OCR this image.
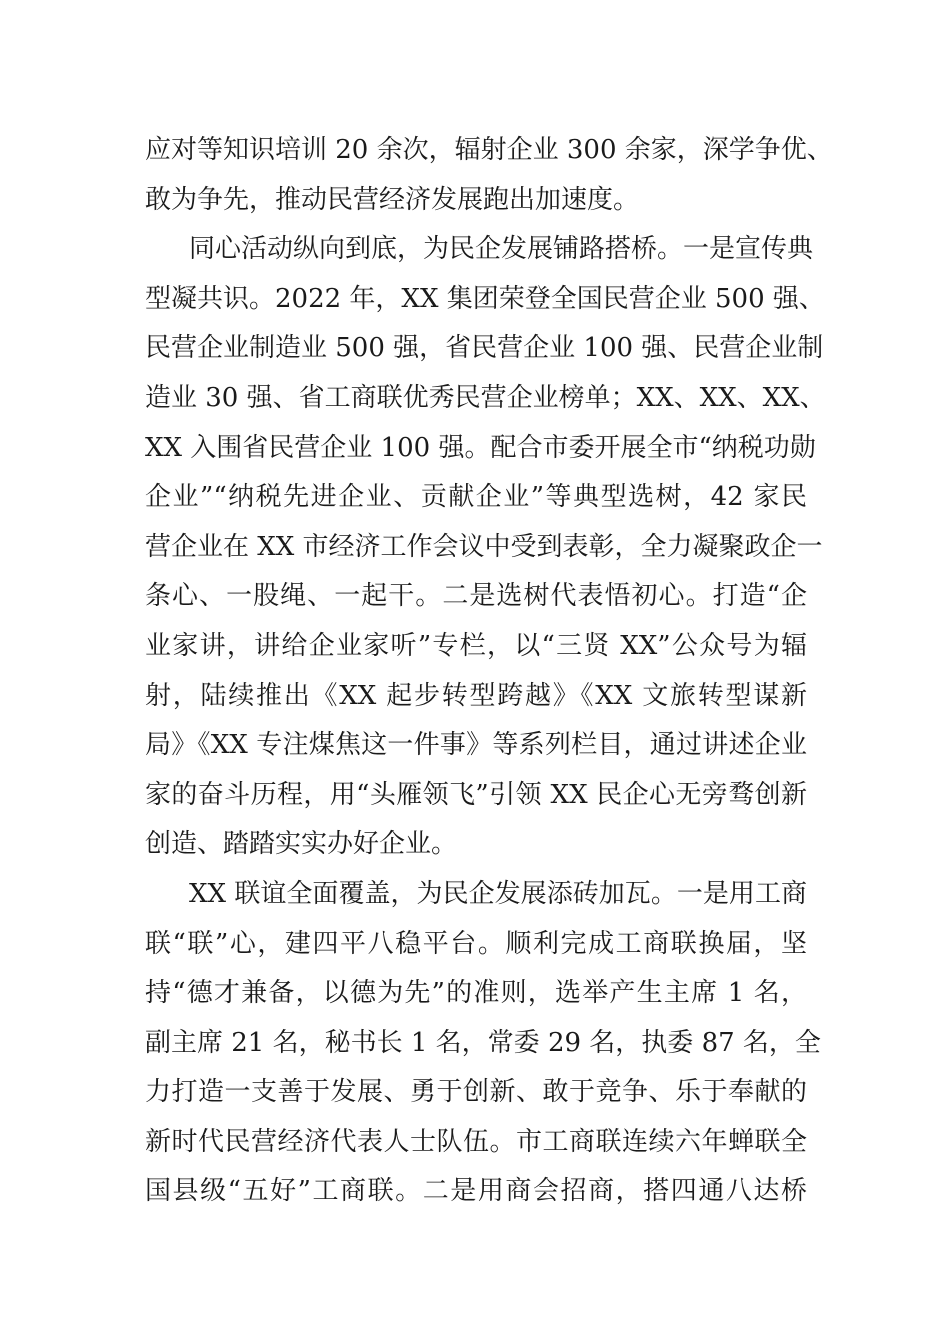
应对等知识培训 20 余次，辐射企业 300 余家，深学争优、
敢为争先，推动民营经济发展跑出加速度。
同心活动纵向到底，为民企发展铺路搭桥。一是宣传典
型凝共识。2022 年，XX 集团荣登全国民营企业 500 强、
民营企业制造业 500 强，省民营企业 100 强、民营企业制
造业 30 强、省工商联优秀民营企业榜单；XX、XX、XX、
XX 入围省民营企业 100 强。配合市委开展全市“纳税功勋
企业”“纳税先进企业、贡献企业”等典型选树，42 家民
营企业在 XX 市经济工作会议中受到表彰，全力凝聚政企一
条心、一股绳、一起干。二是选树代表悟初心。打造“企
业家讲，讲给企业家听”专栏，以“三贤 XX”公众号为辐
射，陆续推出《XX 起步转型跨越》《XX 文旅转型谋新
局》《XX 专注煤焦这一件事》等系列栏目，通过讲述企业
家的奋斗历程，用“头雁领飞”引领 XX 民企心无旁骛创新
创造、踏踏实实办好企业。
XX 联谊全面覆盖，为民企发展添砖加瓦。一是用工商
联“联”心，建四平八稳平台。顺利完成工商联换届，坚
持“德才兼备，以德为先”的准则，选举产生主席 1 名，
副主席 21 名，秘书长 1 名，常委 29 名，执委 87 名，全
力打造一支善于发展、勇于创新、敢于竞争、乐于奉献的
新时代民营经济代表人士队伍。市工商联连续六年蝉联全
国县级“五好”工商联。二是用商会招商，搭四通八达桥
